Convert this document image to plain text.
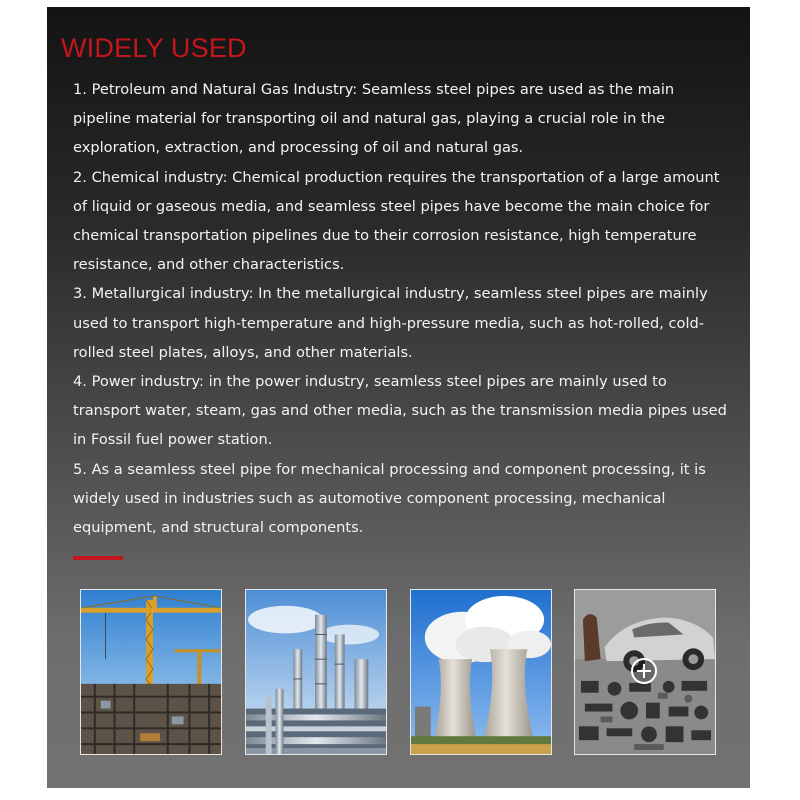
WIDELY USED

1. Petroleum and Natural Gas Industry: Seamless steel pipes are used as the main pipeline material for transporting oil and natural gas, playing a crucial role in the exploration, extraction, and processing of oil and natural gas.

2. Chemical industry: Chemical production requires the transportation of a large amount of liquid or gaseous media, and seamless steel pipes have become the main choice for chemical transportation pipelines due to their corrosion resistance, high temperature resistance, and other characteristics.

3. Metallurgical industry: In the metallurgical industry, seamless steel pipes are mainly used to transport high-temperature and high-pressure media, such as hot-rolled, cold-rolled steel plates, alloys, and other materials.

4. Power industry: in the power industry, seamless steel pipes are mainly used to transport water, steam, gas and other media, such as the transmission media pipes used in Fossil fuel power station.

5. As a seamless steel pipe for mechanical processing and component processing, it is widely used in industries such as automotive component processing, mechanical equipment, and structural components.
